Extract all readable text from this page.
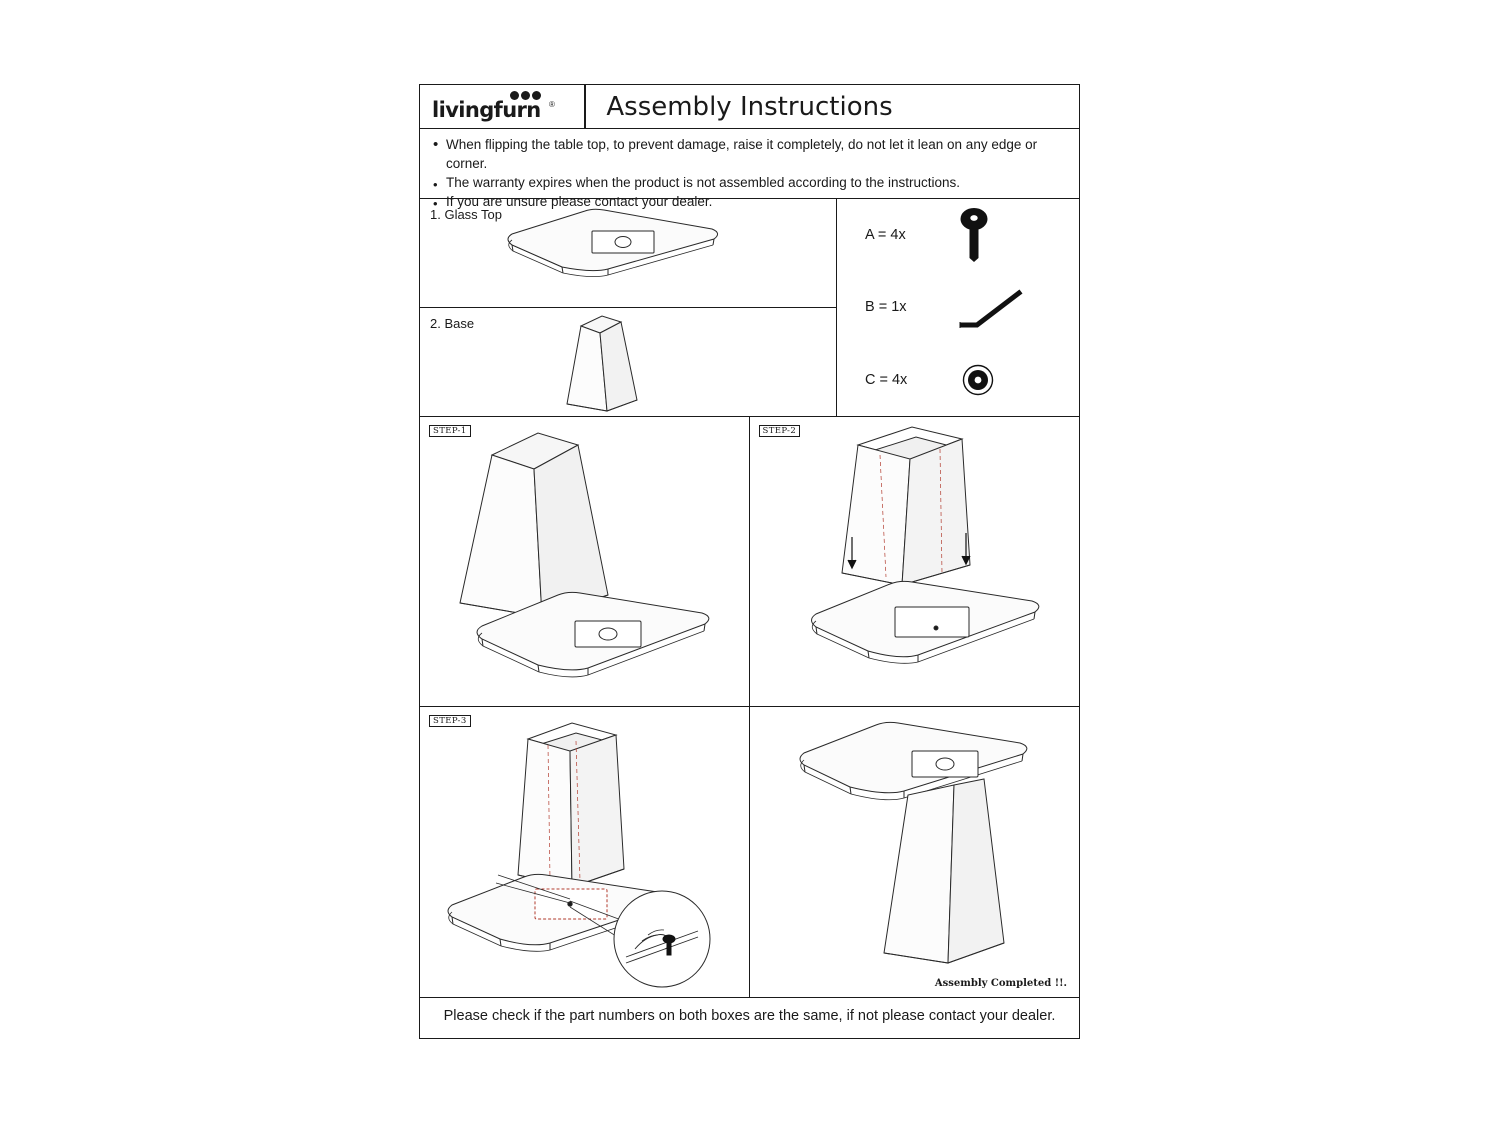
livingfurn ®	Assembly Instructions
• When flipping the table top, to prevent damage, raise it completely, do not let it lean on any edge or corner.
• The warranty expires when the product is not assembled according to the instructions.
• If you are unsure please contact your dealer.
1. Glass Top
2. Base
A = 4x
B = 1x
C = 4x
STEP-1	STEP-2
STEP-3
Assembly Completed !!.
Please check if the part numbers on both boxes are the same, if not please contact your dealer.
